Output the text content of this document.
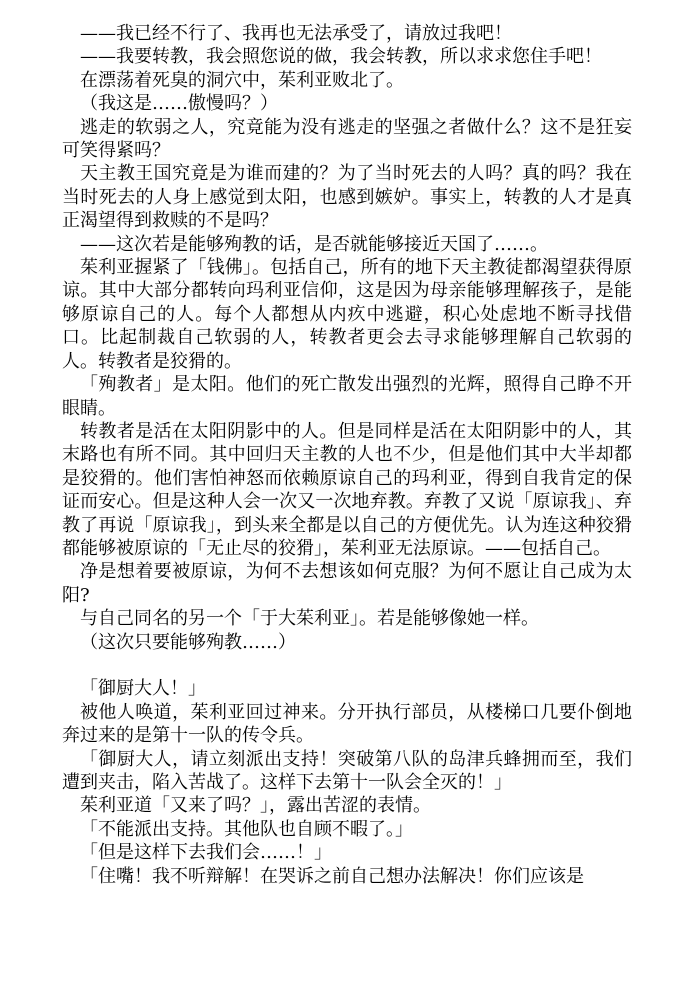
——我已经不行了、我再也无法承受了，请放过我吧！

——我要转教，我会照您说的做，我会转教，所以求求您住手吧！

在漂荡着死臭的洞穴中，茱利亚败北了。

（我这是……傲慢吗？）

逃走的软弱之人，究竟能为没有逃走的坚强之者做什么？这不是狂妄可笑得紧吗？

天主教王国究竟是为谁而建的？为了当时死去的人吗？真的吗？我在当时死去的人身上感觉到太阳，也感到嫉妒。事实上，转教的人才是真正渴望得到救赎的不是吗？

——这次若是能够殉教的话，是否就能够接近天国了……。

茱利亚握紧了「钱佛」。包括自己，所有的地下天主教徒都渴望获得原谅。其中大部分都转向玛利亚信仰，这是因为母亲能够理解孩子，是能够原谅自己的人。每个人都想从内疚中逃避，积心处虑地不断寻找借口。比起制裁自己软弱的人，转教者更会去寻求能够理解自己软弱的人。转教者是狡猾的。

「殉教者」是太阳。他们的死亡散发出强烈的光辉，照得自己睁不开眼睛。

转教者是活在太阳阴影中的人。但是同样是活在太阳阴影中的人，其末路也有所不同。其中回归天主教的人也不少，但是他们其中大半却都是狡猾的。他们害怕神怒而依赖原谅自己的玛利亚，得到自我肯定的保证而安心。但是这种人会一次又一次地弃教。弃教了又说「原谅我」、弃教了再说「原谅我」，到头来全都是以自己的方便优先。认为连这种狡猾都能够被原谅的「无止尽的狡猾」，茱利亚无法原谅。——包括自己。

净是想着要被原谅，为何不去想该如何克服？为何不愿让自己成为太阳?

与自己同名的另一个「于大茱利亚」。若是能够像她一样。

（这次只要能够殉教……）

「御厨大人！」

被他人唤道，茱利亚回过神来。分开执行部员，从楼梯口几要仆倒地奔过来的是第十一队的传令兵。

「御厨大人，请立刻派出支持！突破第八队的岛津兵蜂拥而至，我们遭到夹击，陷入苦战了。这样下去第十一队会全灭的！」

茱利亚道「又来了吗？」，露出苦涩的表情。

「不能派出支持。其他队也自顾不暇了。」

「但是这样下去我们会……！」

「住嘴！我不听辩解！在哭诉之前自己想办法解决！你们应该是
